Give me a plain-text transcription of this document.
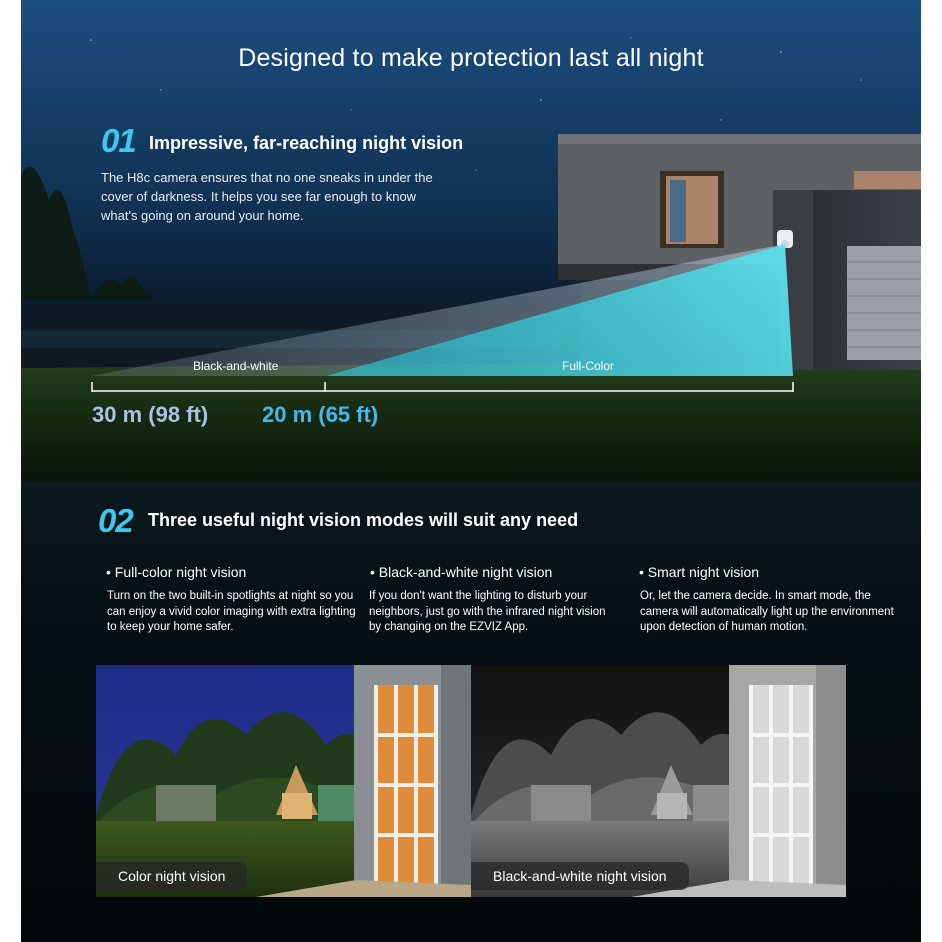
Designed to make protection last all night
01 Impressive, far-reaching night vision
The H8c camera ensures that no one sneaks in under the cover of darkness. It helps you see far enough to know what's going on around your home.
Black-and-white	Full-Color
30 m (98 ft) 20 m (65 ft)
02 Three useful night vision modes will suit any need
• Full-color night vision
Turn on the two built-in spotlights at night so you can enjoy a vivid color imaging with extra lighting to keep your home safer.
• Black-and-white night vision
If you don't want the lighting to disturb your neighbors, just go with the infrared night vision by changing on the EZVIZ App.
• Smart night vision
Or, let the camera decide. In smart mode, the camera will automatically light up the environment upon detection of human motion.
Color night vision	Black-and-white night vision
